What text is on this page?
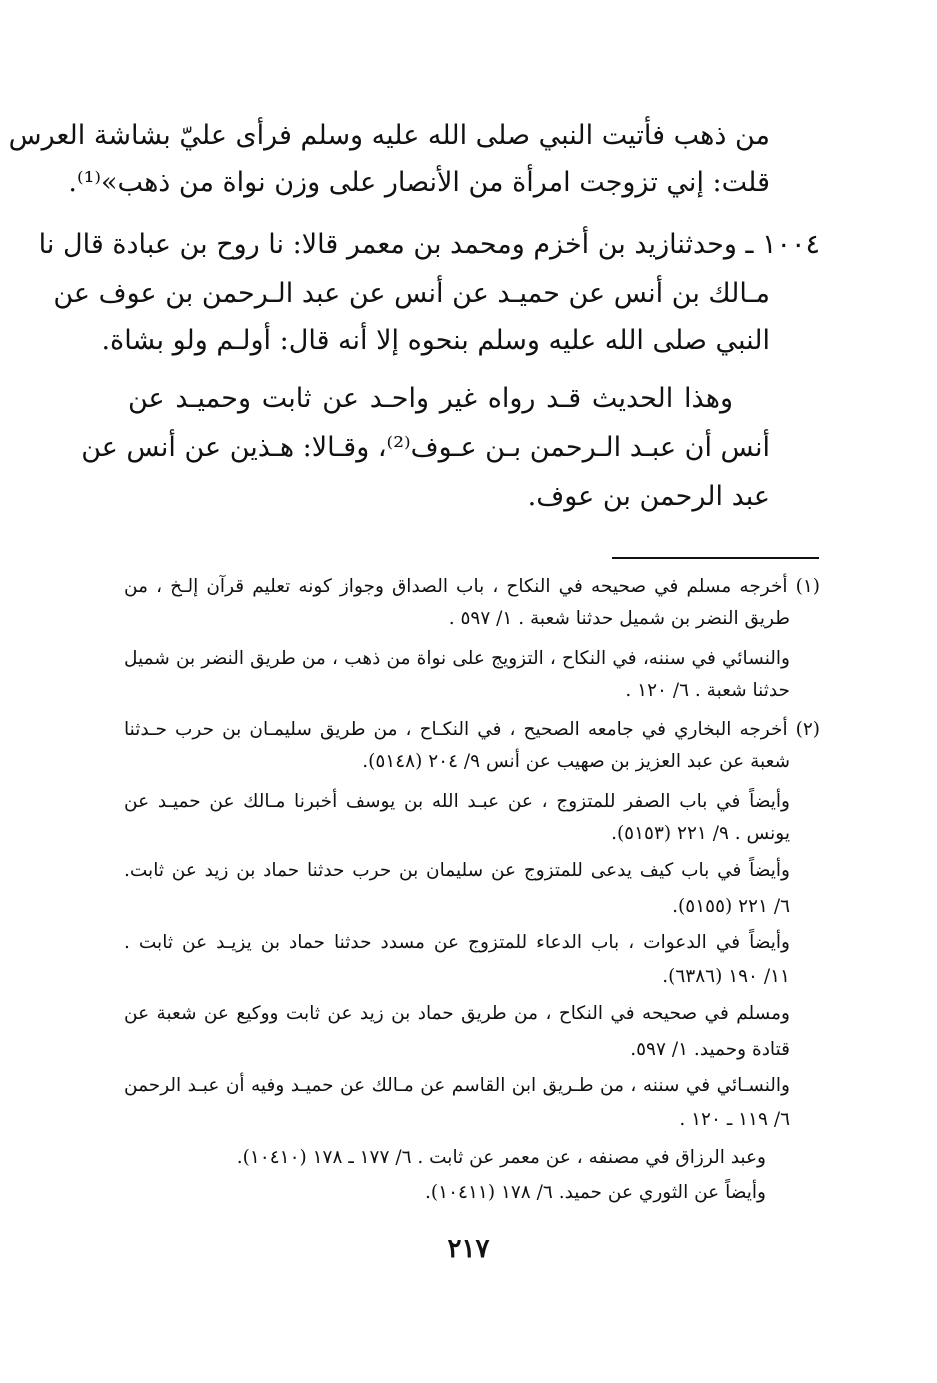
من ذهب فأتيت النبي صلى الله عليه وسلم فرأى عليّ بشاشة العرس
قلت: إني تزوجت امرأة من الأنصار على وزن نواة من ذهب»⁽¹⁾.
١٠٠٤ ـ وحدثنازيد بن أخزم ومحمد بن معمر قالا: نا روح بن عبادة قال نا
مـالك بن أنس عن حميـد عن أنس عن عبد الـرحمن بن عوف عن
النبي صلى الله عليه وسلم بنحوه إلا أنه قال: أولـم ولو بشاة.
وهذا الحديث قـد رواه غير واحـد عن ثابت وحميـد عن
أنس أن عبـد الـرحمن بـن عـوف⁽²⁾، وقـالا: هـذين عن أنس عن
عبد الرحمن بن عوف.
(١) أخرجه مسلم في صحيحه في النكاح ، باب الصداق وجواز كونه تعليم قرآن إلـخ ، من
طريق النضر بن شميل حدثنا شعبة . ١/ ٥٩٧ .
والنسائي في سننه، في النكاح ، التزويج على نواة من ذهب ، من طريق النضر بن شميل
حدثنا شعبة . ٦/ ١٢٠ .
(٢) أخرجه البخاري في جامعه الصحيح ، في النكـاح ، من طريق سليمـان بن حرب حـدثنا
شعبة عن عبد العزيز بن صهيب عن أنس ٩/ ٢٠٤ (٥١٤٨).
وأيضاً في باب الصفر للمتزوج ، عن عبـد الله بن يوسف أخبرنا مـالك عن حميـد عن
يونس . ٩/ ٢٢١ (٥١٥٣).
وأيضاً في باب كيف يدعى للمتزوج عن سليمان بن حرب حدثنا حماد بن زيد عن ثابت.
٦/ ٢٢١ (٥١٥٥).
وأيضاً في الدعوات ، باب الدعاء للمتزوج عن مسدد حدثنا حماد بن يزيـد عن ثابت .
١١/ ١٩٠ (٦٣٨٦).
ومسلم في صحيحه في النكاح ، من طريق حماد بن زيد عن ثابت ووكيع عن شعبة عن
قتادة وحميد. ١/ ٥٩٧.
والنسـائي في سننه ، من طـريق ابن القاسم عن مـالك عن حميـد وفيه أن عبـد الرحمن
٦/ ١١٩ ـ ١٢٠ .
وعبد الرزاق في مصنفه ، عن معمر عن ثابت . ٦/ ١٧٧ ـ ١٧٨ (١٠٤١٠).
وأيضاً عن الثوري عن حميد. ٦/ ١٧٨ (١٠٤١١).
٢١٧
